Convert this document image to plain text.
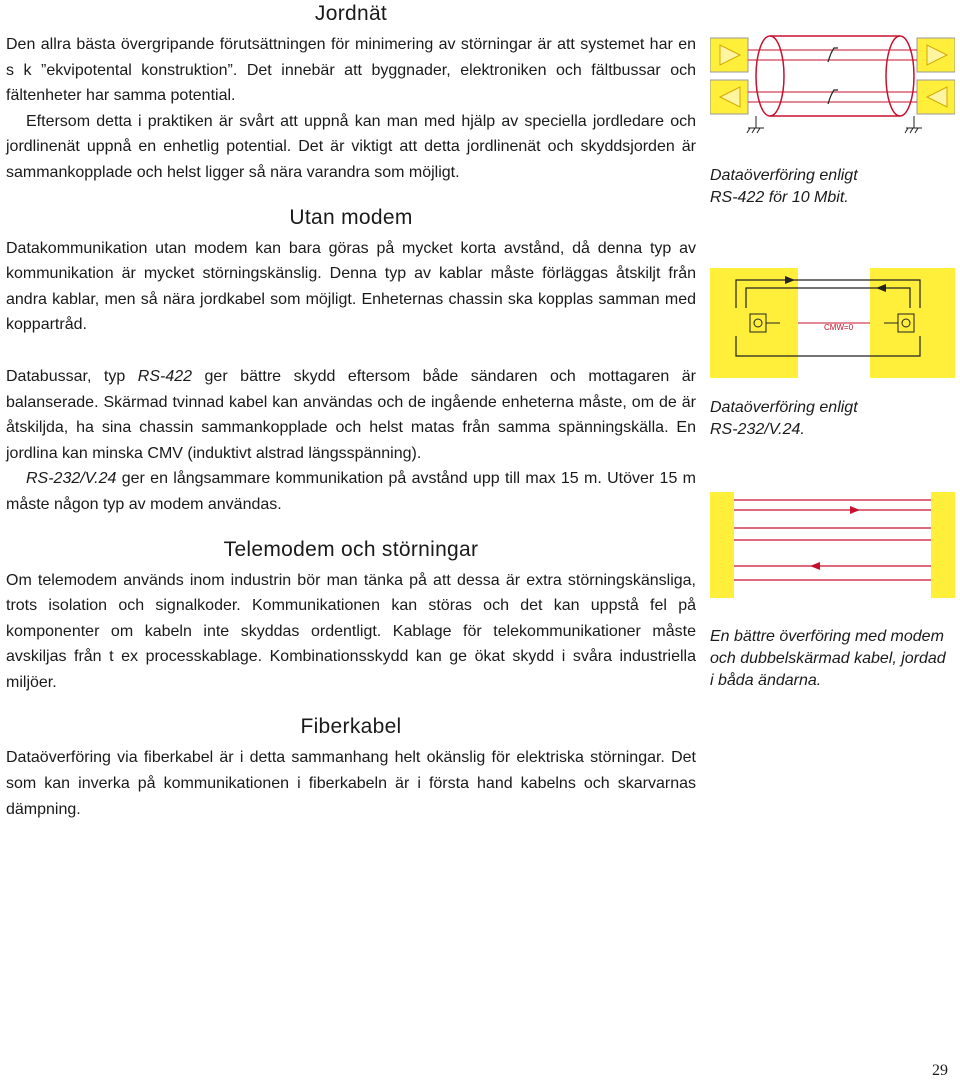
Jordnät

Den allra bästa övergripande förutsättningen för minimering av störningar är att systemet har en s k ”ekvipotental konstruktion”. Det innebär att byggnader, elektroniken och fältbussar och fältenheter har samma potential.

Eftersom detta i praktiken är svårt att uppnå kan man med hjälp av speciella jordledare och jordlinenät uppnå en enhetlig potential. Det är viktigt att detta jordlinenät och skyddsjorden är sammankopplade och helst ligger så nära varandra som möjligt.

Utan modem

Datakommunikation utan modem kan bara göras på mycket korta avstånd, då denna typ av kommunikation är mycket störningskänslig. Denna typ av kablar måste förläggas åtskiljt från andra kablar, men så nära jordkabel som möjligt. Enheternas chassin ska kopplas samman med koppartråd.

Databussar, typ RS-422 ger bättre skydd eftersom både sändaren och mottagaren är balanserade. Skärmad tvinnad kabel kan användas och de ingående enheterna måste, om de är åtskiljda, ha sina chassin sammankopplade och helst matas från samma spänningskälla. En jordlina kan minska CMV (induktivt alstrad längsspänning).

RS-232/V.24 ger en långsammare kommunikation på avstånd upp till max 15 m. Utöver 15 m måste någon typ av modem användas.

Telemodem och störningar

Om telemodem används inom industrin bör man tänka på att dessa är extra störningskänsliga, trots isolation och signalkoder. Kommunikationen kan störas och det kan uppstå fel på komponenter om kabeln inte skyddas ordentligt. Kablage för telekommunikationer måste avskiljas från t ex processkablage. Kombinationsskydd kan ge ökat skydd i svåra industriella miljöer.

Fiberkabel

Dataöverföring via fiberkabel är i detta sammanhang helt okänslig för elektriska störningar. Det som kan inverka på kommunikationen i fiberkabeln är i första hand kabelns och skarvarnas dämpning.

Dataöverföring enligt
RS-422 för 10 Mbit.
CMW=0
Dataöverföring enligt
RS-232/V.24.
En bättre överföring med modem och dubbelskärmad kabel, jordad i båda ändarna.
29
